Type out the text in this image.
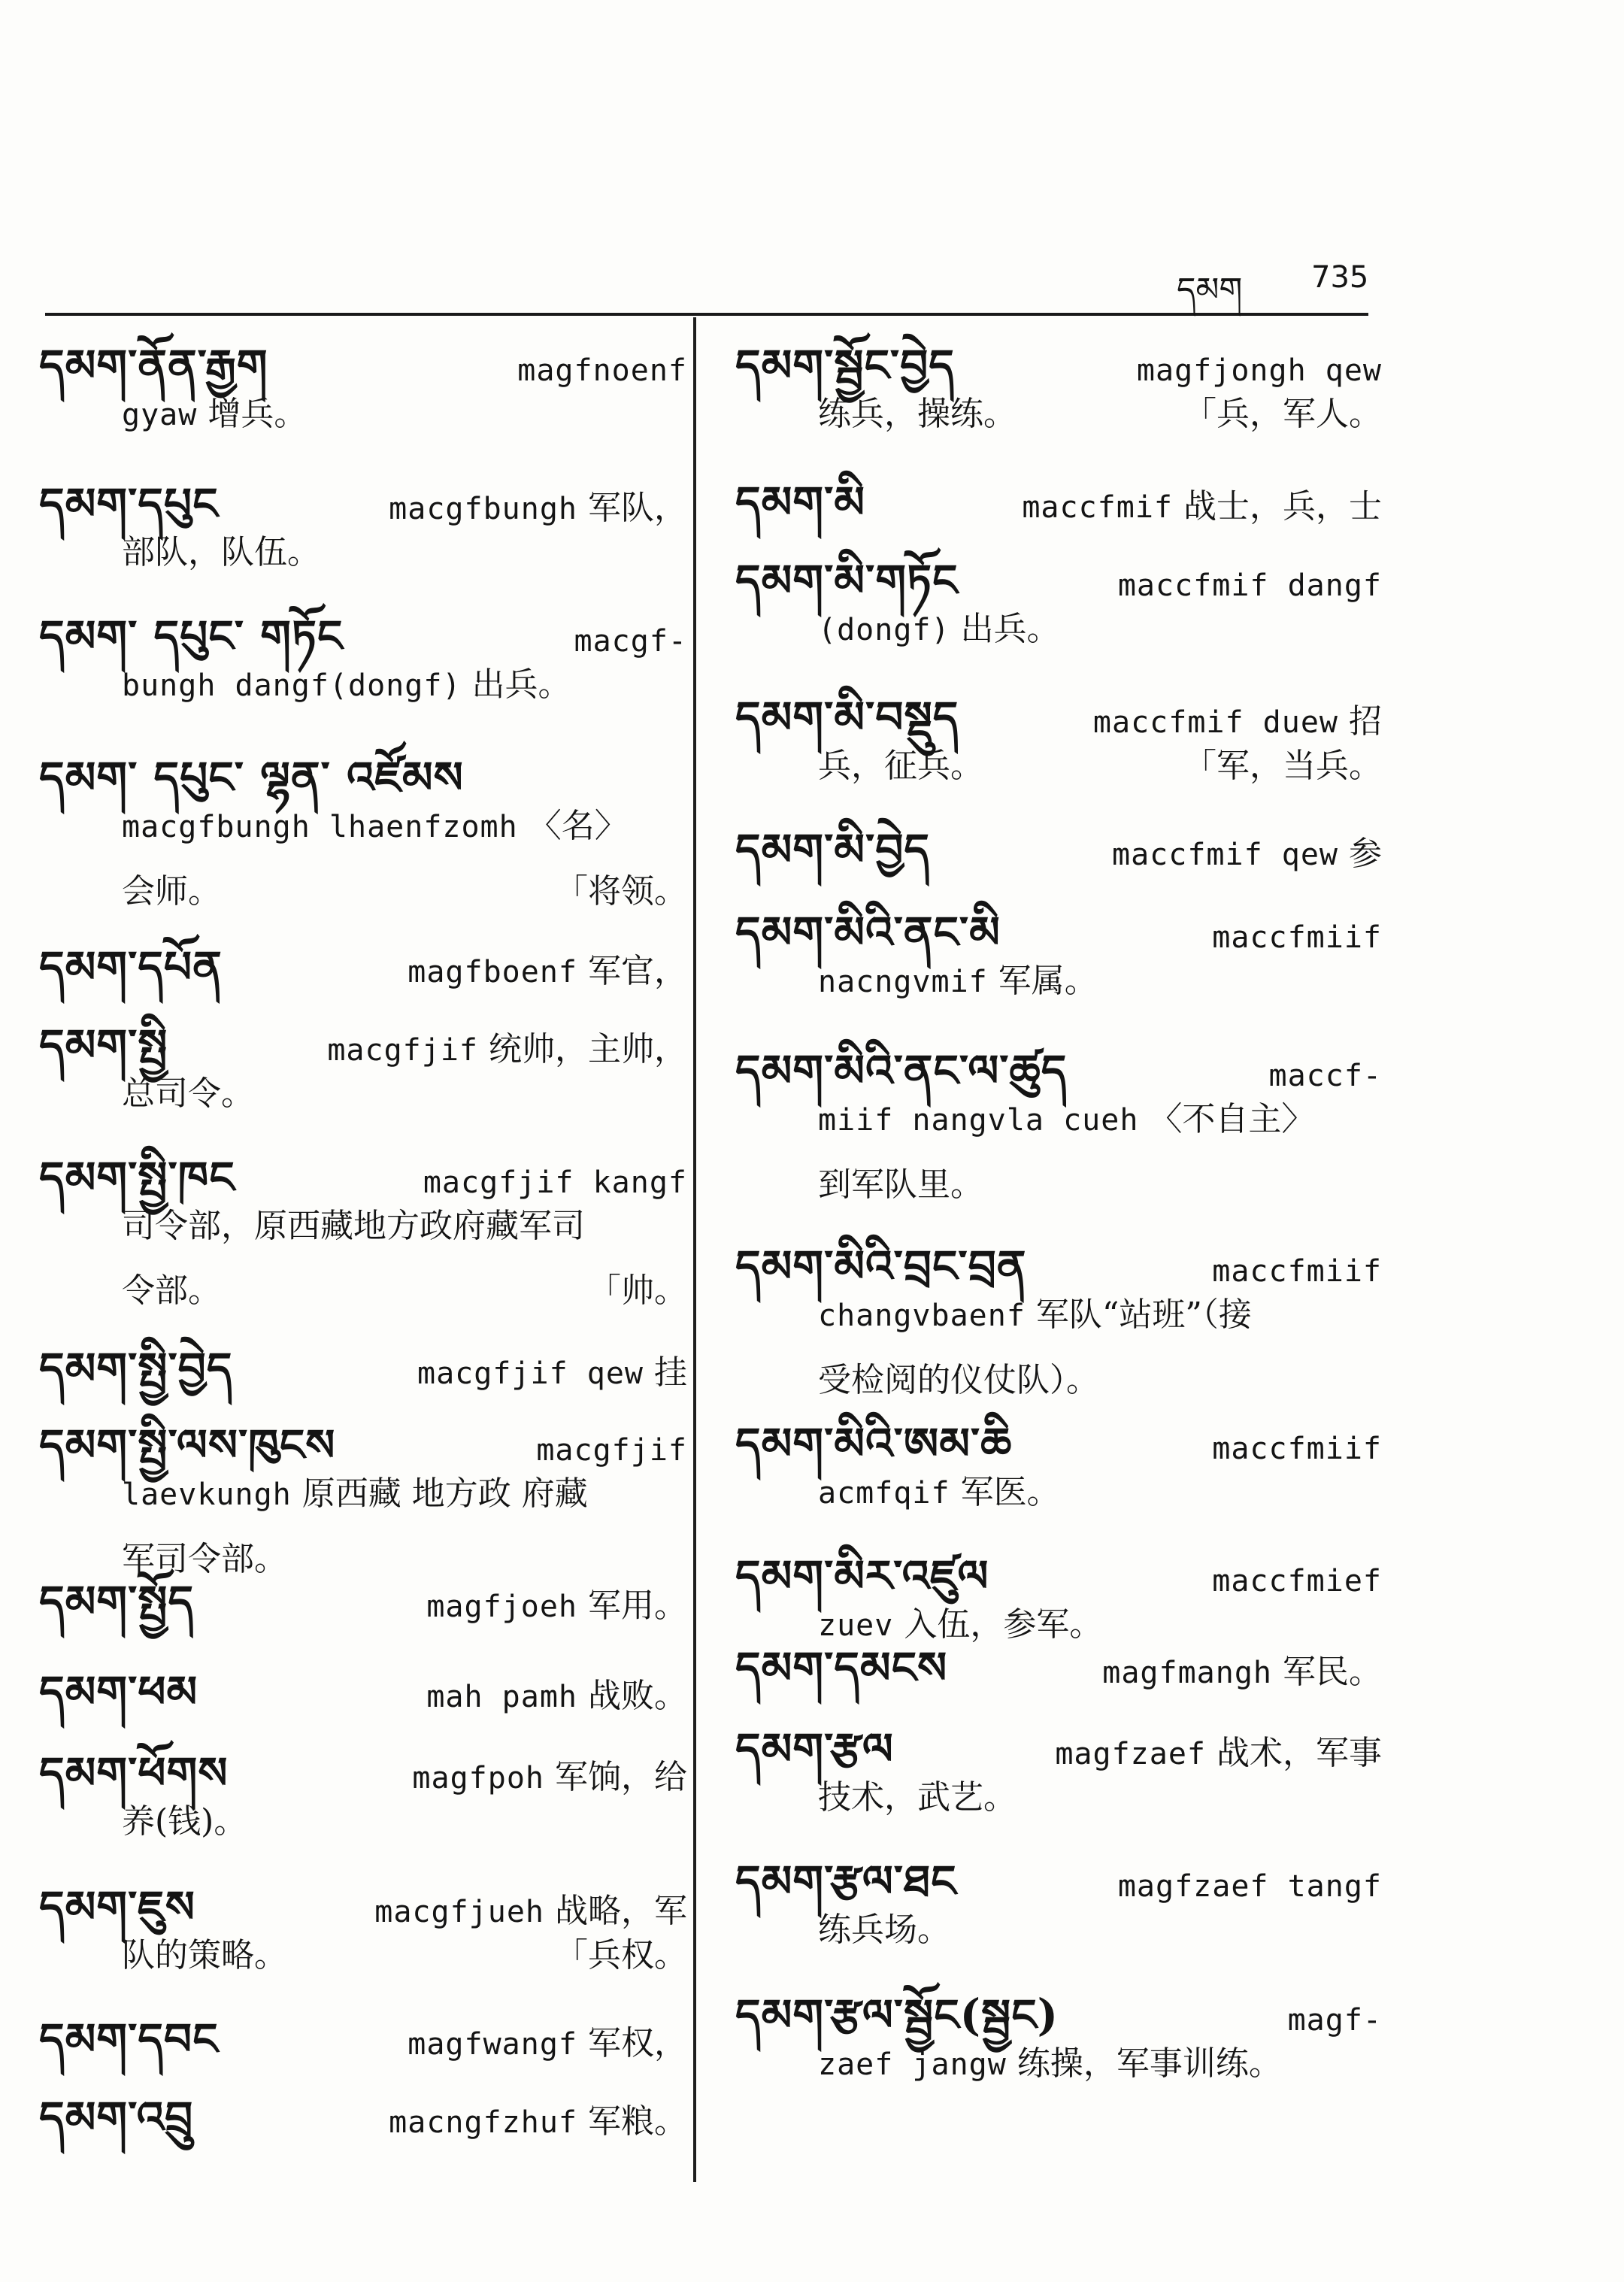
དམག 735
དམག་ནོན་རྒྱག	magfnoenf
gyaw 增兵。
དམག་དཔུང	macgfbungh 军队，
部队，队伍。
དམག་ དཔུང་ གཏོང	macgf-
bungh dangf(dongf) 出兵。
དམག་ དཔུང་ ལྷན་ འཛོམས
macgfbungh lhaenfzomh 〈名〉
会师。	「将领。
དམག་དཔོན	magfboenf 军官，
དམག་སྤྱི	macgfjif 统帅，主帅，
总司令。
དམག་སྤྱི་ཁང	macgfjif kangf
司令部，原西藏地方政府藏军司
令部。	「帅。
དམག་སྤྱི་བྱེད	macgfjif qew 挂
དམག་སྤྱི་ལས་ཁུངས	macgfjif
laevkungh 原西藏 地方政 府藏
军司令部。
དམག་སྤྱོད	magfjoeh 军用。
དམག་ཕམ	mah pamh 战败。
དམག་ཕོགས	magfpoh 军饷，给
养(钱)。
དམག་ཇུས	macgfjueh 战略，军
队的策略。	「兵权。
དམག་དབང	magfwangf 军权，
དམག་འབྲུ	macngfzhuf 军粮。
དམག་སྦྱོང་བྱེད	magfjongh qew
练兵，操练。	「兵，军人。
དམག་མི	maccfmif 战士，兵，士
དམག་མི་གཏོང	maccfmif dangf
(dongf) 出兵。
དམག་མི་བསྡུད	maccfmif duew 招
兵，征兵。	「军，当兵。
དམག་མི་བྱེད	maccfmif qew 参
དམག་མིའི་ནང་མི	maccfmiif
nacngvmif 军属。
དམག་མིའི་ནང་ལ་ཚུད	maccf-
miif nangvla cueh 〈不自主〉
到军队里。
དམག་མིའི་བྲང་བྲན	maccfmiif
changvbaenf 军队“站班”（接
受检阅的仪仗队）。
དམག་མིའི་ཨམ་ཆི	maccfmiif
acmfqif 军医。
དམག་མིར་འཛུལ	maccfmief
zuev 入伍，参军。
དམག་དམངས	magfmangh 军民。
དམག་རྩལ	magfzaef 战术，军事
技术，武艺。
དམག་རྩལ་ཐང	magfzaef tangf
练兵场。
དམག་རྩལ་སྦྱོང(སྦྱང)	magf-
zaef jangw 练操，军事训练。
